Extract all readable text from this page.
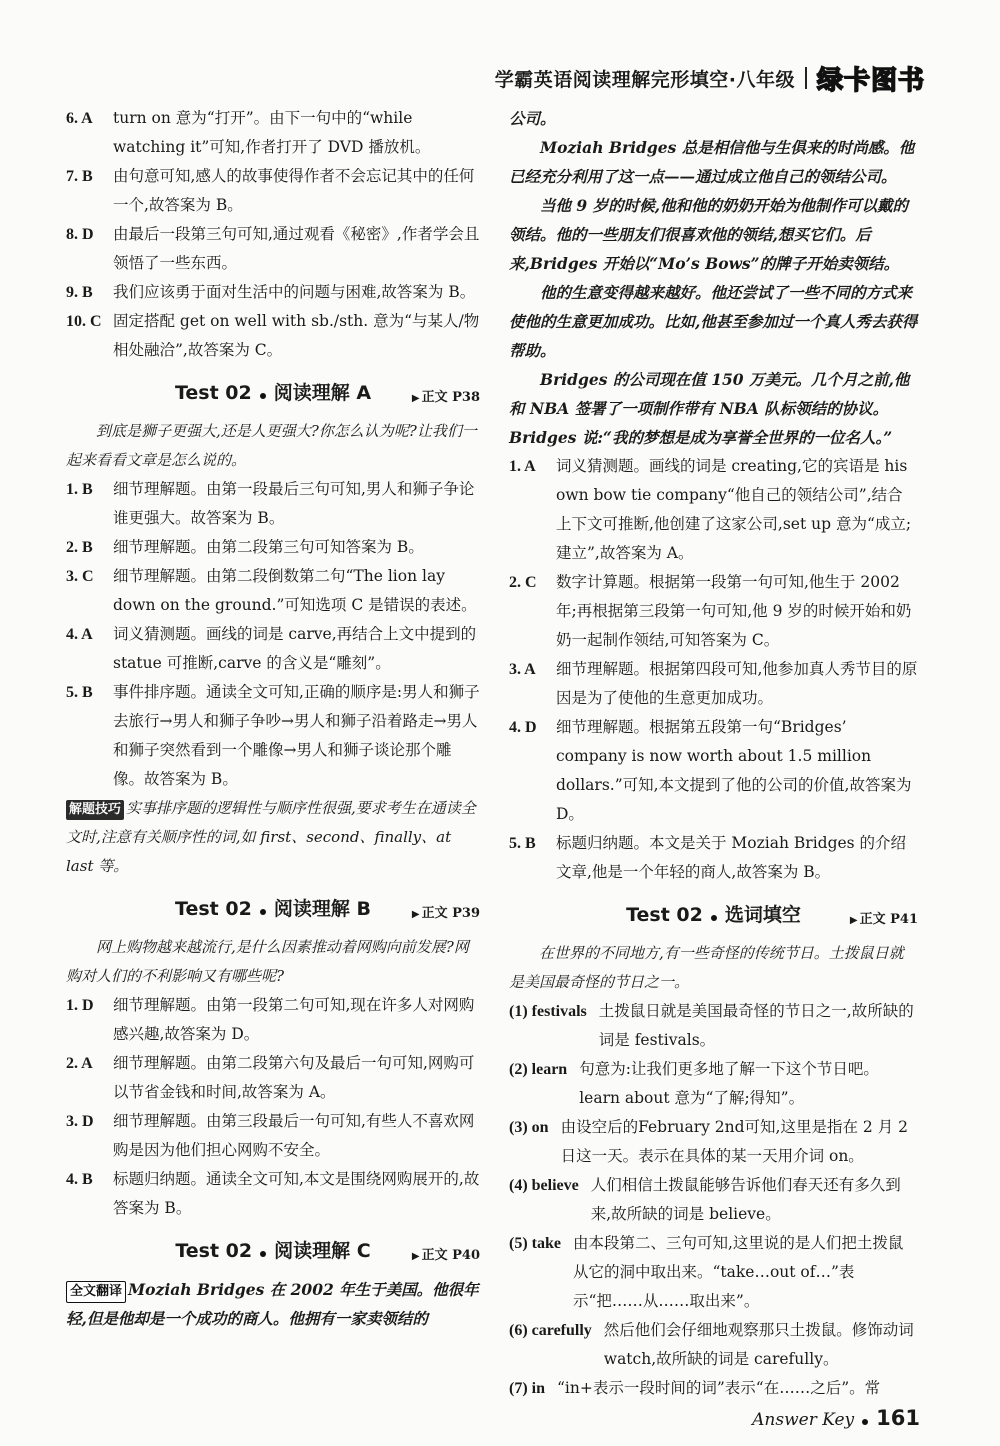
学霸英语阅读理解完形填空·八年级 绿卡图书
6. A	turn on 意为“打开”。由下一句中的“while watching it”可知,作者打开了 DVD 播放机。
7. B	由句意可知,感人的故事使得作者不会忘记其中的任何一个,故答案为 B。
8. D	由最后一段第三句可知,通过观看《秘密》,作者学会且领悟了一些东西。
9. B	我们应该勇于面对生活中的问题与困难,故答案为 B。
10. C 固定搭配 get on well with sb./sth. 意为“与某人/物相处融洽”,故答案为 C。
Test 02 阅读理解 A	▶ 正文 P38
到底是狮子更强大,还是人更强大?你怎么认为呢?让我们一起来看看文章是怎么说的。
1. B	细节理解题。由第一段最后三句可知,男人和狮子争论谁更强大。故答案为 B。
2. B	细节理解题。由第二段第三句可知答案为 B。
3. C	细节理解题。由第二段倒数第二句“The lion lay down on the ground.”可知选项 C 是错误的表述。
4. A	词义猜测题。画线的词是 carve,再结合上文中提到的 statue 可推断,carve 的含义是“雕刻”。
5. B	事件排序题。通读全文可知,正确的顺序是:男人和狮子去旅行→男人和狮子争吵→男人和狮子沿着路走→男人和狮子突然看到一个雕像→男人和狮子谈论那个雕像。故答案为 B。
解题技巧 实事排序题的逻辑性与顺序性很强,要求考生在通读全文时,注意有关顺序性的词,如 first、second、finally、at last 等。
Test 02 阅读理解 B	▶ 正文 P39
网上购物越来越流行,是什么因素推动着网购向前发展?网购对人们的不利影响又有哪些呢?
1. D	细节理解题。由第一段第二句可知,现在许多人对网购感兴趣,故答案为 D。
2. A	细节理解题。由第二段第六句及最后一句可知,网购可以节省金钱和时间,故答案为 A。
3. D	细节理解题。由第三段最后一句可知,有些人不喜欢网购是因为他们担心网购不安全。
4. B	标题归纳题。通读全文可知,本文是围绕网购展开的,故答案为 B。
Test 02 阅读理解 C	▶ 正文 P40
全文翻译 Moziah Bridges 在 2002 年生于美国。他很年轻,但是他却是一个成功的商人。他拥有一家卖领结的
公司。
Moziah Bridges 总是相信他与生俱来的时尚感。他已经充分利用了这一点——通过成立他自己的领结公司。
当他 9 岁的时候,他和他的奶奶开始为他制作可以戴的领结。他的一些朋友们很喜欢他的领结,想买它们。后来,Bridges 开始以“Mo’s Bows”的牌子开始卖领结。
他的生意变得越来越好。他还尝试了一些不同的方式来使他的生意更加成功。比如,他甚至参加过一个真人秀去获得帮助。
Bridges 的公司现在值 150 万美元。几个月之前,他和 NBA 签署了一项制作带有 NBA 队标领结的协议。Bridges 说:“我的梦想是成为享誉全世界的一位名人。”
1. A	词义猜测题。画线的词是 creating,它的宾语是 his own bow tie company“他自己的领结公司”,结合上下文可推断,他创建了这家公司,set up 意为“成立;建立”,故答案为 A。
2. C	数字计算题。根据第一段第一句可知,他生于 2002 年;再根据第三段第一句可知,他 9 岁的时候开始和奶奶一起制作领结,可知答案为 C。
3. A	细节理解题。根据第四段可知,他参加真人秀节目的原因是为了使他的生意更加成功。
4. D	细节理解题。根据第五段第一句“Bridges’ company is now worth about 1.5 million dollars.”可知,本文提到了他的公司的价值,故答案为 D。
5. B	标题归纳题。本文是关于 Moziah Bridges 的介绍文章,他是一个年轻的商人,故答案为 B。
Test 02 选词填空	▶ 正文 P41
在世界的不同地方,有一些奇怪的传统节日。土拨鼠日就是美国最奇怪的节日之一。
(1) festivals 土拨鼠日就是美国最奇怪的节日之一,故所缺的词是 festivals。
(2) learn 句意为:让我们更多地了解一下这个节日吧。learn about 意为“了解;得知”。
(3) on 由设空后的February 2nd可知,这里是指在 2 月 2 日这一天。表示在具体的某一天用介词 on。
(4) believe 人们相信土拨鼠能够告诉他们春天还有多久到来,故所缺的词是 believe。
(5) take 由本段第二、三句可知,这里说的是人们把土拨鼠从它的洞中取出来。“take…out of…”表示“把……从……取出来”。
(6) carefully 然后他们会仔细地观察那只土拨鼠。修饰动词 watch,故所缺的词是 carefully。
(7) in “in+表示一段时间的词”表示“在……之后”。常
Answer Key 161
